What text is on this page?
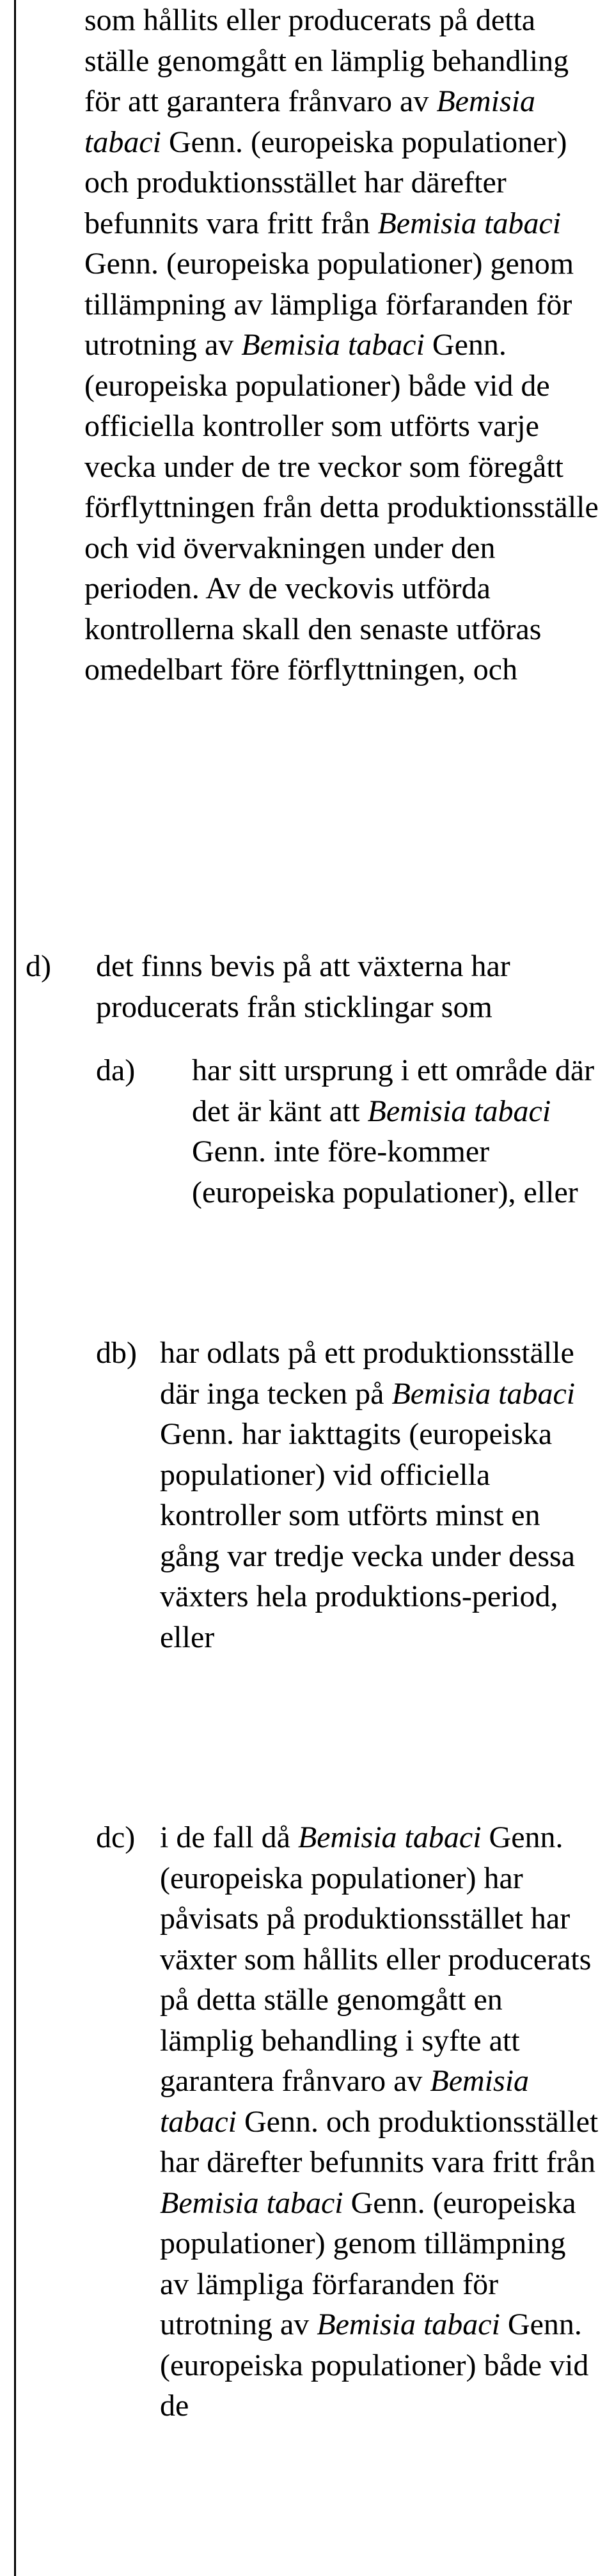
som hållits eller producerats på detta ställe genomgått en lämplig behandling för att garantera frånvaro av Bemisia tabaci Genn. (europeiska populationer) och produktionsstället har därefter befunnits vara fritt från Bemisia tabaci Genn. (europeiska populationer) genom tillämpning av lämpliga förfaranden för utrotning av Bemisia tabaci Genn. (europeiska populationer) både vid de officiella kontroller som utförts varje vecka under de tre veckor som föregått förflyttningen från detta produktionsställe och vid övervakningen under den perioden. Av de veckovis utförda kontrollerna skall den senaste utföras omedelbart före förflyttningen, och

d) det finns bevis på att växterna har producerats från sticklingar som

da) har sitt ursprung i ett område där det är känt att Bemisia tabaci Genn. inte före-kommer (europeiska populationer), eller

db) har odlats på ett produktionsställe där inga tecken på Bemisia tabaci Genn. har iakttagits (europeiska populationer) vid officiella kontroller som utförts minst en gång var tredje vecka under dessa växters hela produktions-period, eller

dc) i de fall då Bemisia tabaci Genn. (europeiska populationer) har påvisats på produktionsstället har växter som hållits eller producerats på detta ställe genomgått en lämplig behandling i syfte att garantera frånvaro av Bemisia tabaci Genn. och produktionsstället har därefter befunnits vara fritt från Bemisia tabaci Genn. (europeiska populationer) genom tillämpning av lämpliga förfaranden för utrotning av Bemisia tabaci Genn. (europeiska populationer) både vid de
